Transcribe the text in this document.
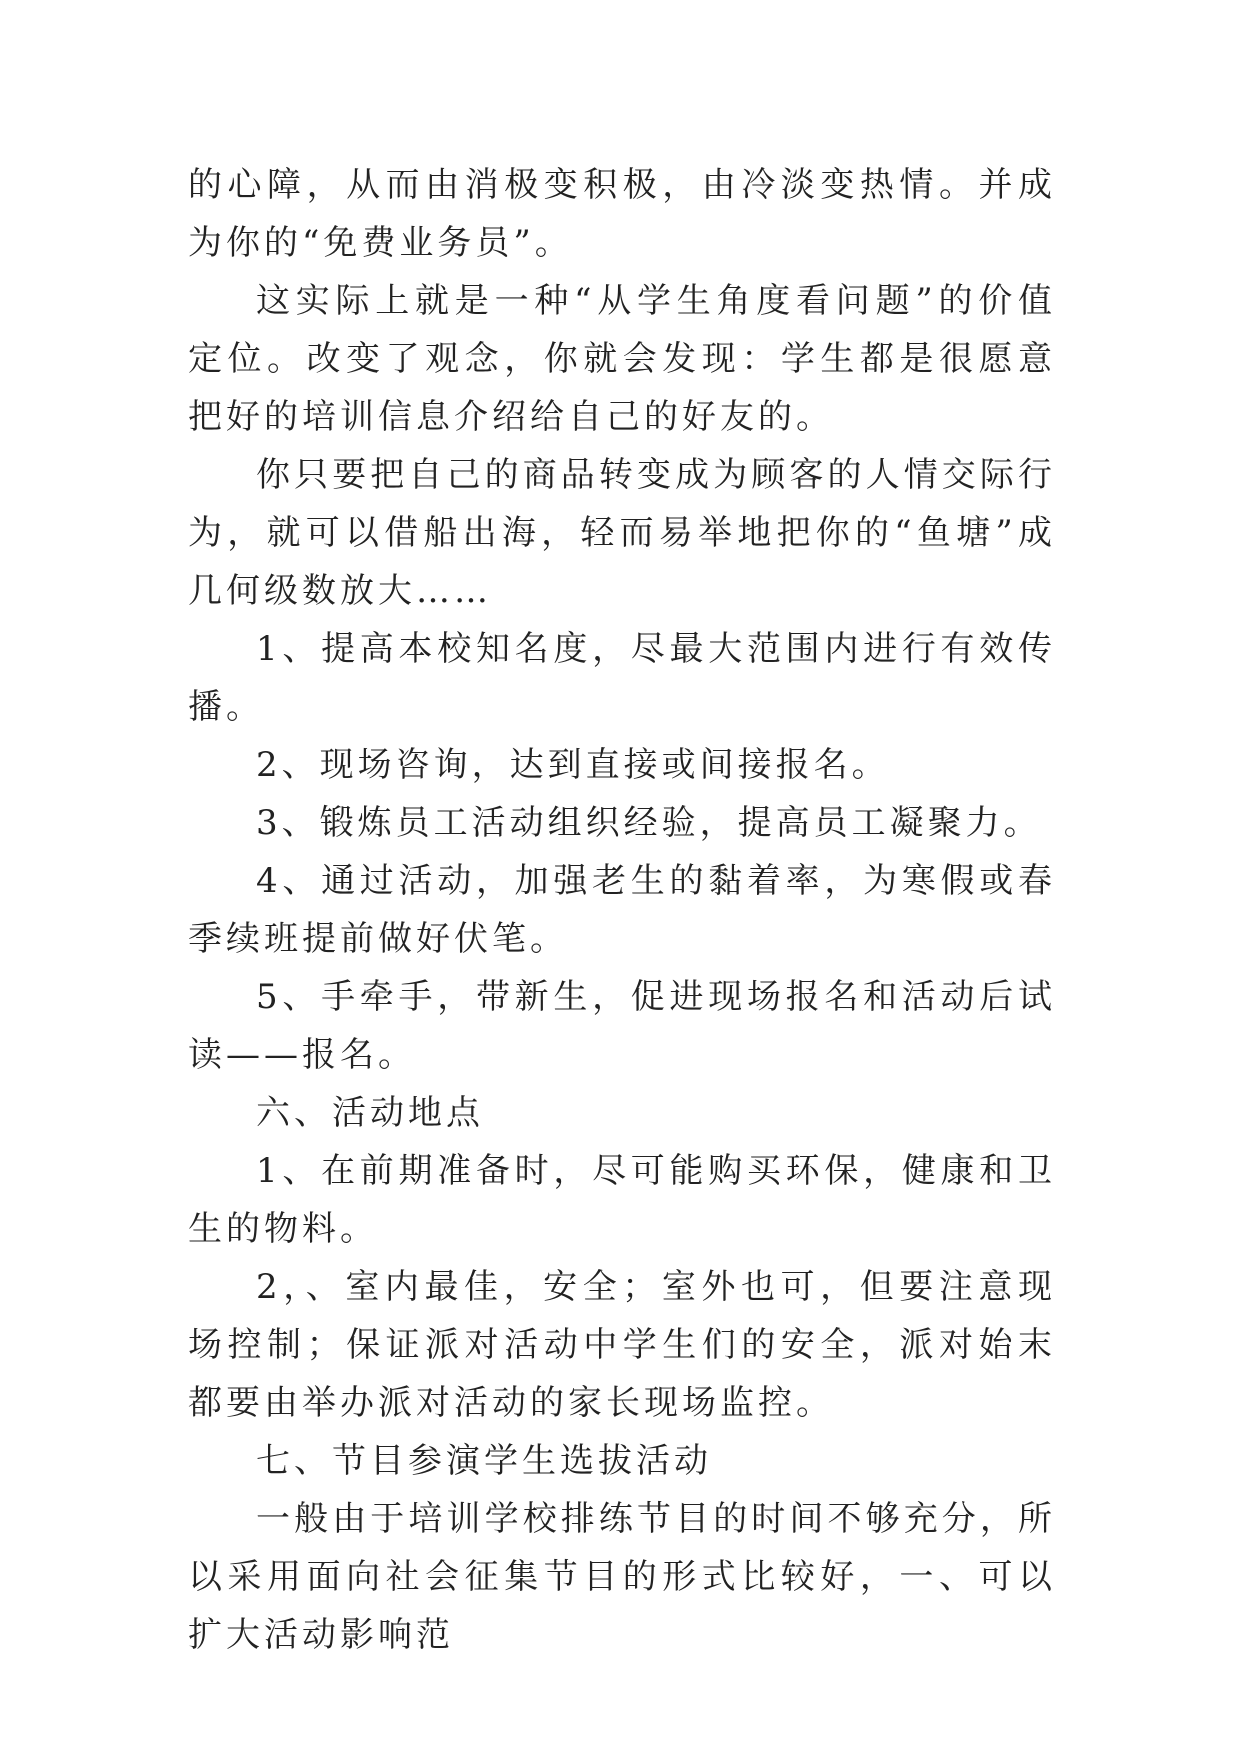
的心障，从而由消极变积极，由冷淡变热情。并成为你的“免费业务员”。

这实际上就是一种“从学生角度看问题”的价值定位。改变了观念，你就会发现：学生都是很愿意把好的培训信息介绍给自己的好友的。

你只要把自己的商品转变成为顾客的人情交际行为，就可以借船出海，轻而易举地把你的“鱼塘”成几何级数放大……

1、提高本校知名度，尽最大范围内进行有效传播。

2、现场咨询，达到直接或间接报名。

3、锻炼员工活动组织经验，提高员工凝聚力。

4、通过活动，加强老生的黏着率，为寒假或春季续班提前做好伏笔。

5、手牵手，带新生，促进现场报名和活动后试读——报名。

六、活动地点

1、在前期准备时，尽可能购买环保，健康和卫生的物料。

2，、室内最佳，安全；室外也可，但要注意现场控制；保证派对活动中学生们的安全，派对始末都要由举办派对活动的家长现场监控。

七、节目参演学生选拔活动

一般由于培训学校排练节目的时间不够充分，所以采用面向社会征集节目的形式比较好，一、可以扩大活动影响范
